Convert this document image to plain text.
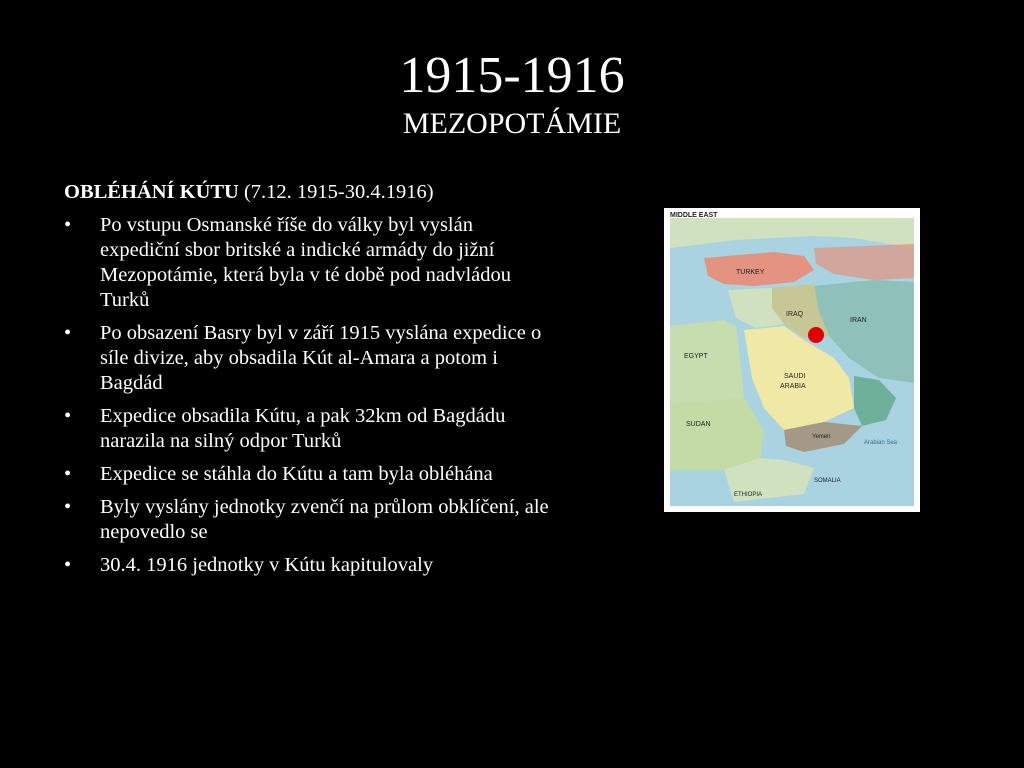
1915-1916
MEZOPOTÁMIE
OBLÉHÁNÍ KÚTU (7.12. 1915-30.4.1916)
• Po vstupu Osmanské říše do války byl vyslán expediční sbor britské a indické armády do jižní Mezopotámie, která byla v té době pod nadvládou Turků
• Po obsazení Basry byl v září 1915 vyslána expedice o síle divize, aby obsadila Kút al-Amara a potom i Bagdád
• Expedice obsadila Kútu, a pak 32km od Bagdádu narazila na silný odpor Turků
• Expedice se stáhla do Kútu a tam byla obléhána
• Byly vyslány jednotky zvenčí na průlom obklíčení, ale nepovedlo se
• 30.4. 1916 jednotky v Kútu kapitulovaly
MIDDLE EAST
TURKEY
IRAQ
IRAN
EGYPT
SAUDI
ARABIA
SUDAN
Yemen
ETHIOPIA
SOMALIA
Arabian Sea
